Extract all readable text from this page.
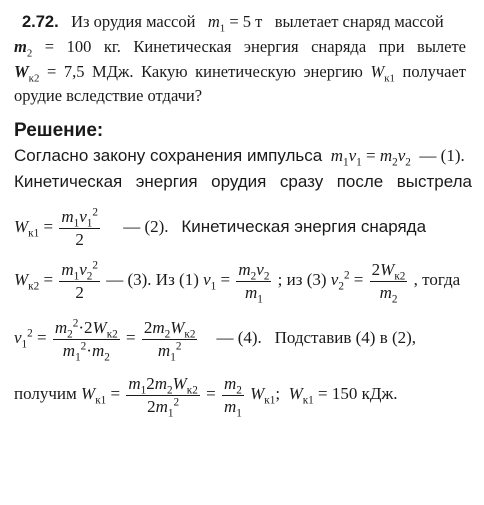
2.72. Из орудия массой $m_1 = 5$ т вылетает снаряд массой
$m_2 = 100$ кг. Кинетическая энергия снаряда при вылете
$W_{к2} = 7,5$ МДж. Какую кинетическую энергию $W_{к1}$ получает
орудие вследствие отдачи?
Решение:
Согласно закону сохранения импульса $m_1v_1 = m_2v_2$ — (1).
Кинетическая энергия орудия сразу после выстрела
$W_{к1} = \frac{m_1v_1^2}{2}$ — (2). Кинетическая энергия снаряда
$W_{к2} = \frac{m_1v_2^2}{2}$ — (3). Из (1) $v_1 = \frac{m_2v_2}{m_1}$ ; из (3) $v_2^2 = \frac{2W_{к2}}{m_2}$ , тогда
$v_1^2 = \frac{m_2^2\cdot 2W_{к2}}{m_1^2\cdot m_2} = \frac{2m_2W_{к2}}{m_1^2}$ — (4). Подставив (4) в (2),
получим $W_{к1} = \frac{m_12m_2W_{к2}}{2m_1^2} = \frac{m_2}{m_1} W_{к1}$; $W_{к1} = 150$ кДж.
